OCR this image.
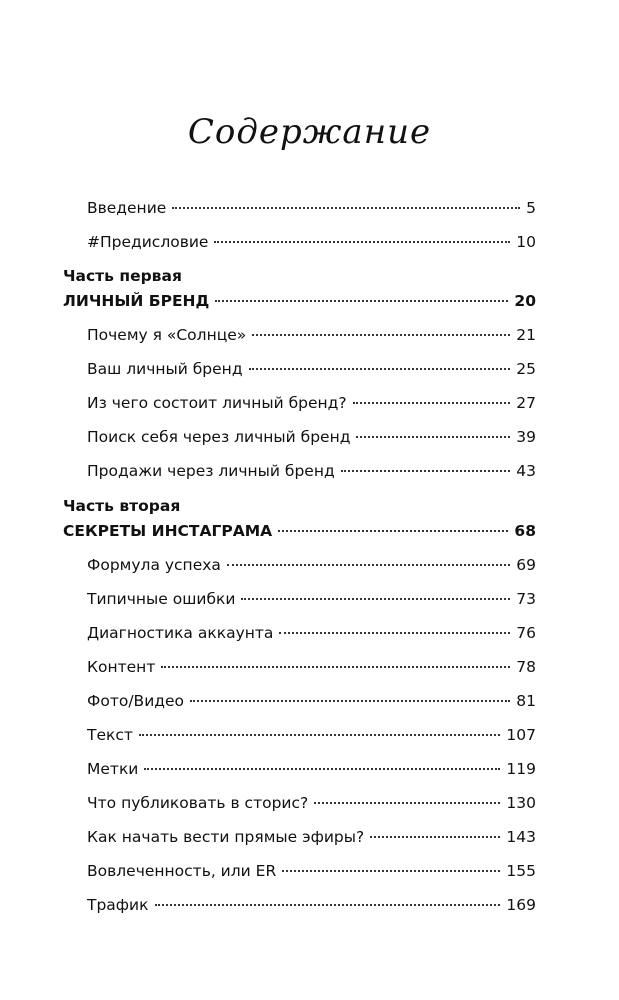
Содержание
Введение	5
#Предисловие	10
Часть первая
ЛИЧНЫЙ БРЕНД	20
Почему я «Солнце»	21
Ваш личный бренд	25
Из чего состоит личный бренд?	27
Поиск себя через личный бренд	39
Продажи через личный бренд	43
Часть вторая
СЕКРЕТЫ ИНСТАГРАМА	68
Формула успеха	69
Типичные ошибки	73
Диагностика аккаунта	76
Контент	78
Фото/Видео	81
Текст	107
Метки	119
Что публиковать в сторис?	130
Как начать вести прямые эфиры?	143
Вовлеченность, или ER	155
Трафик	169
